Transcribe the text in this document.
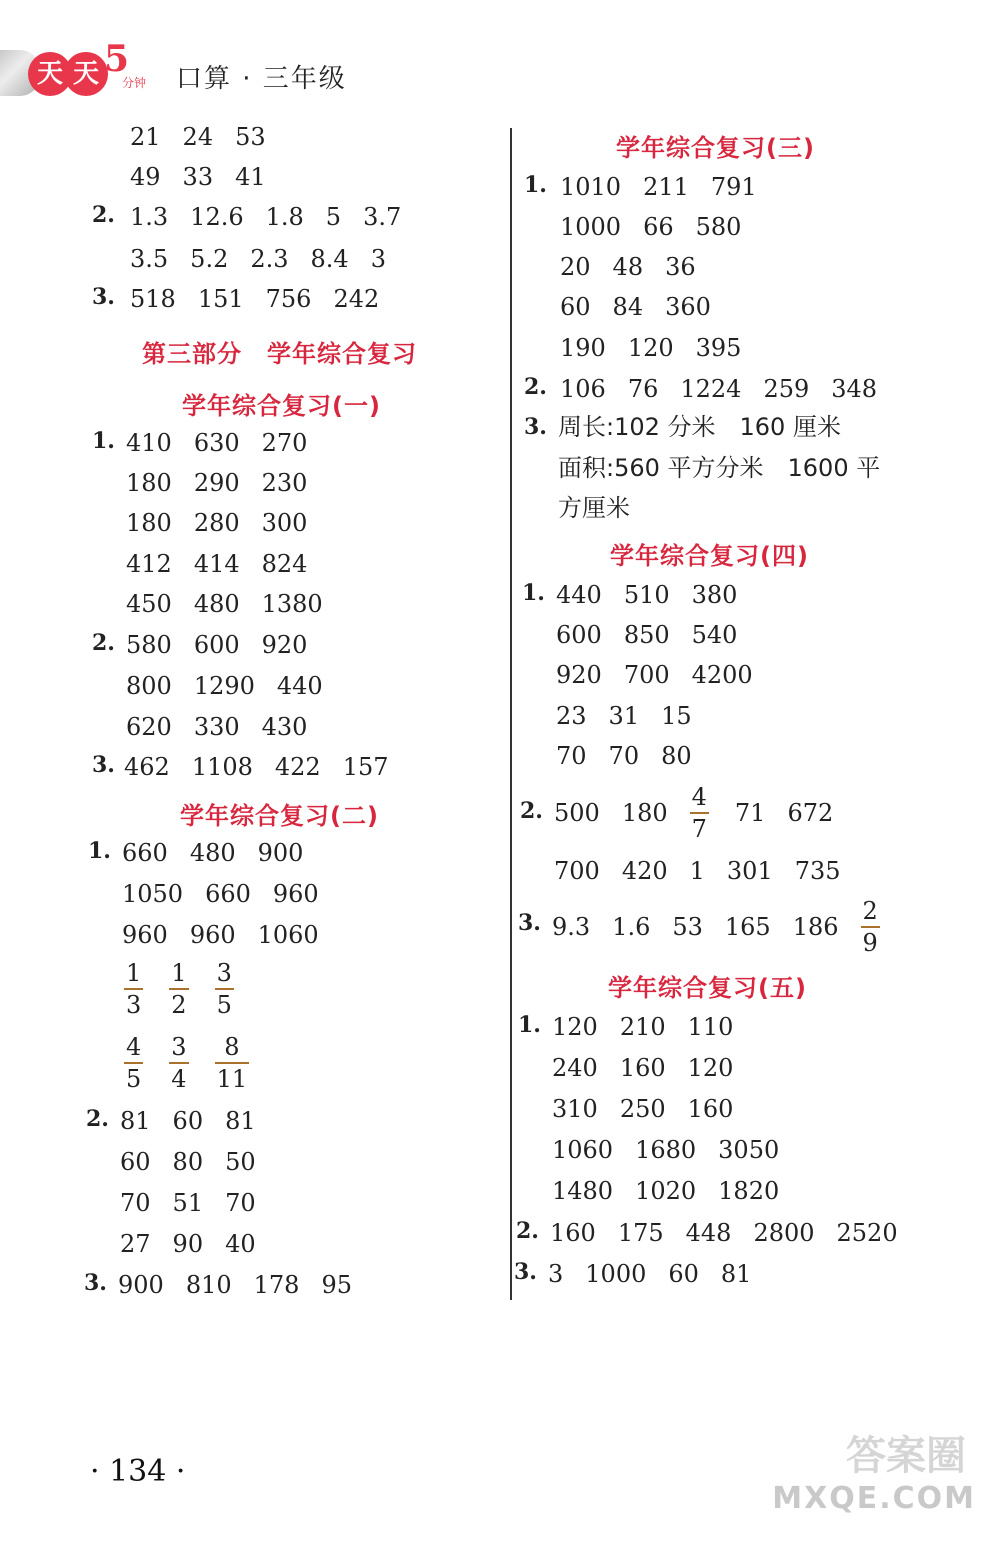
天 天 5
分钟 口算 · 三年级
21 24 53
49 33 41
2. 1.3 12.6 1.8 5 3.7
3.5 5.2 2.3 8.4 3
3. 518 151 756 242
第三部分　学年综合复习
学年综合复习(一)
1. 410 630 270
180 290 230
180 280 300
412 414 824
450 480 1380
2. 580 600 920
800 1290 440
620 330 430
3. 462 1108 422 157
学年综合复习(二)
1. 660 480 900
1050 660 960
960 960 1060
$\frac{1}{3} \frac{1}{2} \frac{3}{5}$
$\frac{4}{5} \frac{3}{4} \frac{8}{11}$
2. 81 60 81
60 80 50
70 51 70
27 90 40
3. 900 810 178 95
学年综合复习(三)
1. 1010 211 791
1000 66 580
20 48 36
60 84 360
190 120 395
2. 106 76 1224 259 348
3. 周长:102 分米　160 厘米
面积:560 平方分米　1600 平
方厘米
学年综合复习(四)
1. 440 510 380
600 850 540
920 700 4200
23 31 15
70 70 80
2. 500 $180 \frac{4}{7} 71$ 672
700 420 1 301 735
3. 9.3 1.6 53 165 $186 \frac{2}{9}$
学年综合复习(五)
1. 120 210 110
240 160 120
310 250 160
1060 1680 3050
1480 1020 1820
2. 160 175 448 2800 2520
3. 3 1000 60 81
· 134 ·	答案圈
MXQE.COM
